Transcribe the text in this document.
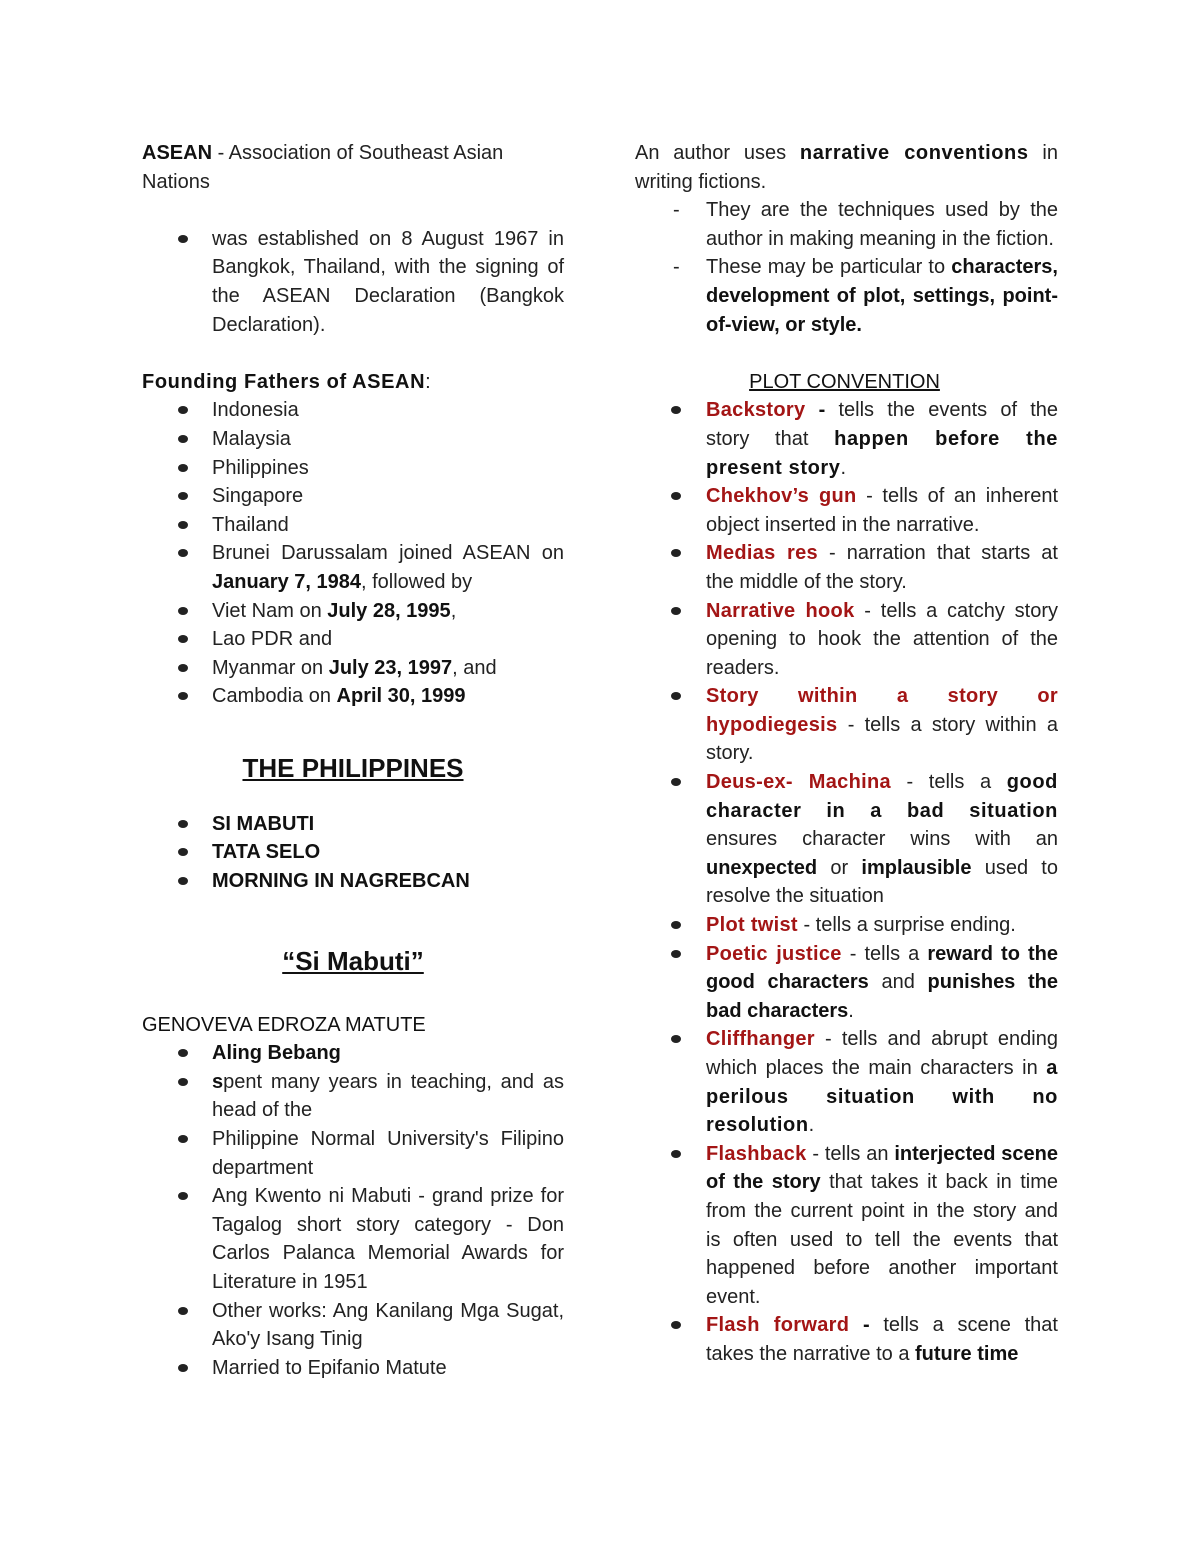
ASEAN - Association of Southeast Asian Nations

was established on 8 August 1967 in Bangkok, Thailand, with the signing of the ASEAN Declaration (Bangkok Declaration).

Founding Fathers of ASEAN:

Indonesia
Malaysia
Philippines
Singapore
Thailand
Brunei Darussalam joined ASEAN on January 7, 1984, followed by
Viet Nam on July 28, 1995,
Lao PDR and
Myanmar on July 23, 1997, and
Cambodia on April 30, 1999

THE PHILIPPINES

SI MABUTI
TATA SELO
MORNING IN NAGREBCAN

“Si Mabuti”

GENOVEVA EDROZA MATUTE

Aling Bebang
spent many years in teaching, and as head of the
Philippine Normal University's Filipino department
Ang Kwento ni Mabuti - grand prize for Tagalog short story category - Don Carlos Palanca Memorial Awards for Literature in 1951
Other works: Ang Kanilang Mga Sugat, Ako'y Isang Tinig
Married to Epifanio Matute

An author uses narrative conventions in writing fictions.

- They are the techniques used by the author in making meaning in the fiction.
- These may be particular to characters, development of plot, settings, point-of-view, or style.

PLOT CONVENTION

Backstory - tells the events of the story that happen before the present story.
Chekhov’s gun - tells of an inherent object inserted in the narrative.
Medias res - narration that starts at the middle of the story.
Narrative hook - tells a catchy story opening to hook the attention of the readers.
Story within a story or hypodiegesis - tells a story within a story.
Deus-ex- Machina - tells a good character in a bad situation ensures character wins with an unexpected or implausible used to resolve the situation
Plot twist - tells a surprise ending.
Poetic justice - tells a reward to the good characters and punishes the bad characters.
Cliffhanger - tells and abrupt ending which places the main characters in a perilous situation with no resolution.
Flashback - tells an interjected scene of the story that takes it back in time from the current point in the story and is often used to tell the events that happened before another important event.
Flash forward - tells a scene that takes the narrative to a future time
